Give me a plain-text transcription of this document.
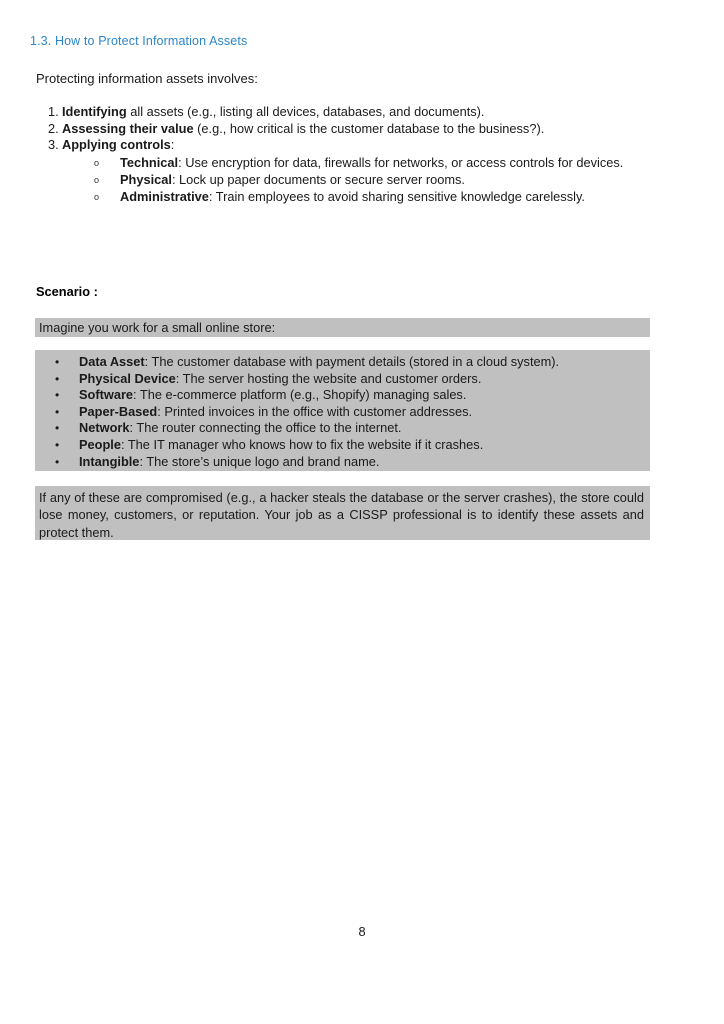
1.3. How to Protect Information Assets
Protecting information assets involves:
1. Identifying all assets (e.g., listing all devices, databases, and documents).
2. Assessing their value (e.g., how critical is the customer database to the business?).
3. Applying controls:
o	Technical: Use encryption for data, firewalls for networks, or access controls for devices.
o	Physical: Lock up paper documents or secure server rooms.
o	Administrative: Train employees to avoid sharing sensitive knowledge carelessly.
Scenario :
Imagine you work for a small online store:
•	Data Asset: The customer database with payment details (stored in a cloud system).
•	Physical Device: The server hosting the website and customer orders.
•	Software: The e-commerce platform (e.g., Shopify) managing sales.
•	Paper-Based: Printed invoices in the office with customer addresses.
•	Network: The router connecting the office to the internet.
•	People: The IT manager who knows how to fix the website if it crashes.
•	Intangible: The store’s unique logo and brand name.
If any of these are compromised (e.g., a hacker steals the database or the server crashes), the store could lose money, customers, or reputation. Your job as a CISSP professional is to identify these assets and protect them.
8
